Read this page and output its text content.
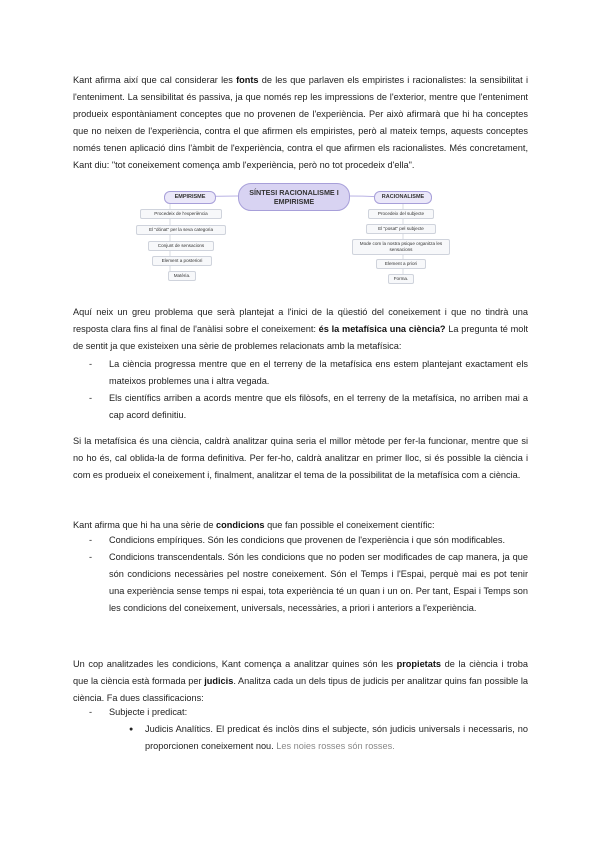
Kant afirma així que cal considerar les fonts de les que parlaven els empiristes i racionalistes: la sensibilitat i l'enteniment. La sensibilitat és passiva, ja que només rep les impressions de l'exterior, mentre que l'enteniment produeix espontàniament conceptes que no provenen de l'experiència. Per això afirmarà que hi ha conceptes que no neixen de l'experiència, contra el que afirmen els empiristes, però al mateix temps, aquests conceptes només tenen aplicació dins l'àmbit de l'experiència, contra el que afirmen els racionalistes. Més concretament, Kant diu: "tot coneixement comença amb l'experiència, però no tot procedeix d'ella".

SÍNTESI RACIONALISME I EMPIRISME
EMPIRISME	RACIONALISME
Procedeix de l'experiència
El "dónat" per la seva categoria
Conjunt de sensacions
Element a posteriori
Matèria.
Procedeix del subjecte
El "posat" pel subjecte
Mode com la nostra psique organitza les sensacions
Element a priori
Forma.

Aquí neix un greu problema que serà plantejat a l'inici de la qüestió del coneixement i que no tindrà una resposta clara fins al final de l'anàlisi sobre el coneixement: és la metafísica una ciència? La pregunta té molt de sentit ja que existeixen una sèrie de problemes relacionats amb la metafísica:

- La ciència progressa mentre que en el terreny de la metafísica ens estem plantejant exactament els mateixos problemes una i altra vegada.
- Els científics arriben a acords mentre que els filòsofs, en el terreny de la metafísica, no arriben mai a cap acord definitiu.

Si la metafísica és una ciència, caldrà analitzar quina seria el millor mètode per fer-la funcionar, mentre que si no ho és, cal oblida-la de forma definitiva. Per fer-ho, caldrà analitzar en primer lloc, si és possible la ciència i com es produeix el coneixement i, finalment, analitzar el tema de la possibilitat de la metafísica com a ciència.

Kant afirma que hi ha una sèrie de condicions que fan possible el coneixement científic:

- Condicions empíriques. Són les condicions que provenen de l'experiència i que són modificables.
- Condicions transcendentals. Són les condicions que no poden ser modificades de cap manera, ja que són condicions necessàries pel nostre coneixement. Són el Temps i l'Espai, perquè mai es pot tenir una experiència sense temps ni espai, tota experiència té un quan i un on. Per tant, Espai i Temps son les condicions del coneixement, universals, necessàries, a priori i anteriors a l'experiència.

Un cop analitzades les condicions, Kant comença a analitzar quines són les propietats de la ciència i troba que la ciència està formada per judicis. Analitza cada un dels tipus de judicis per analitzar quins fan possible la ciència. Fa dues classificacions:

- Subjecte i predicat:
● Judicis Analítics. El predicat és inclòs dins el subjecte, són judicis universals i necessaris, no proporcionen coneixement nou. Les noies rosses són rosses.
